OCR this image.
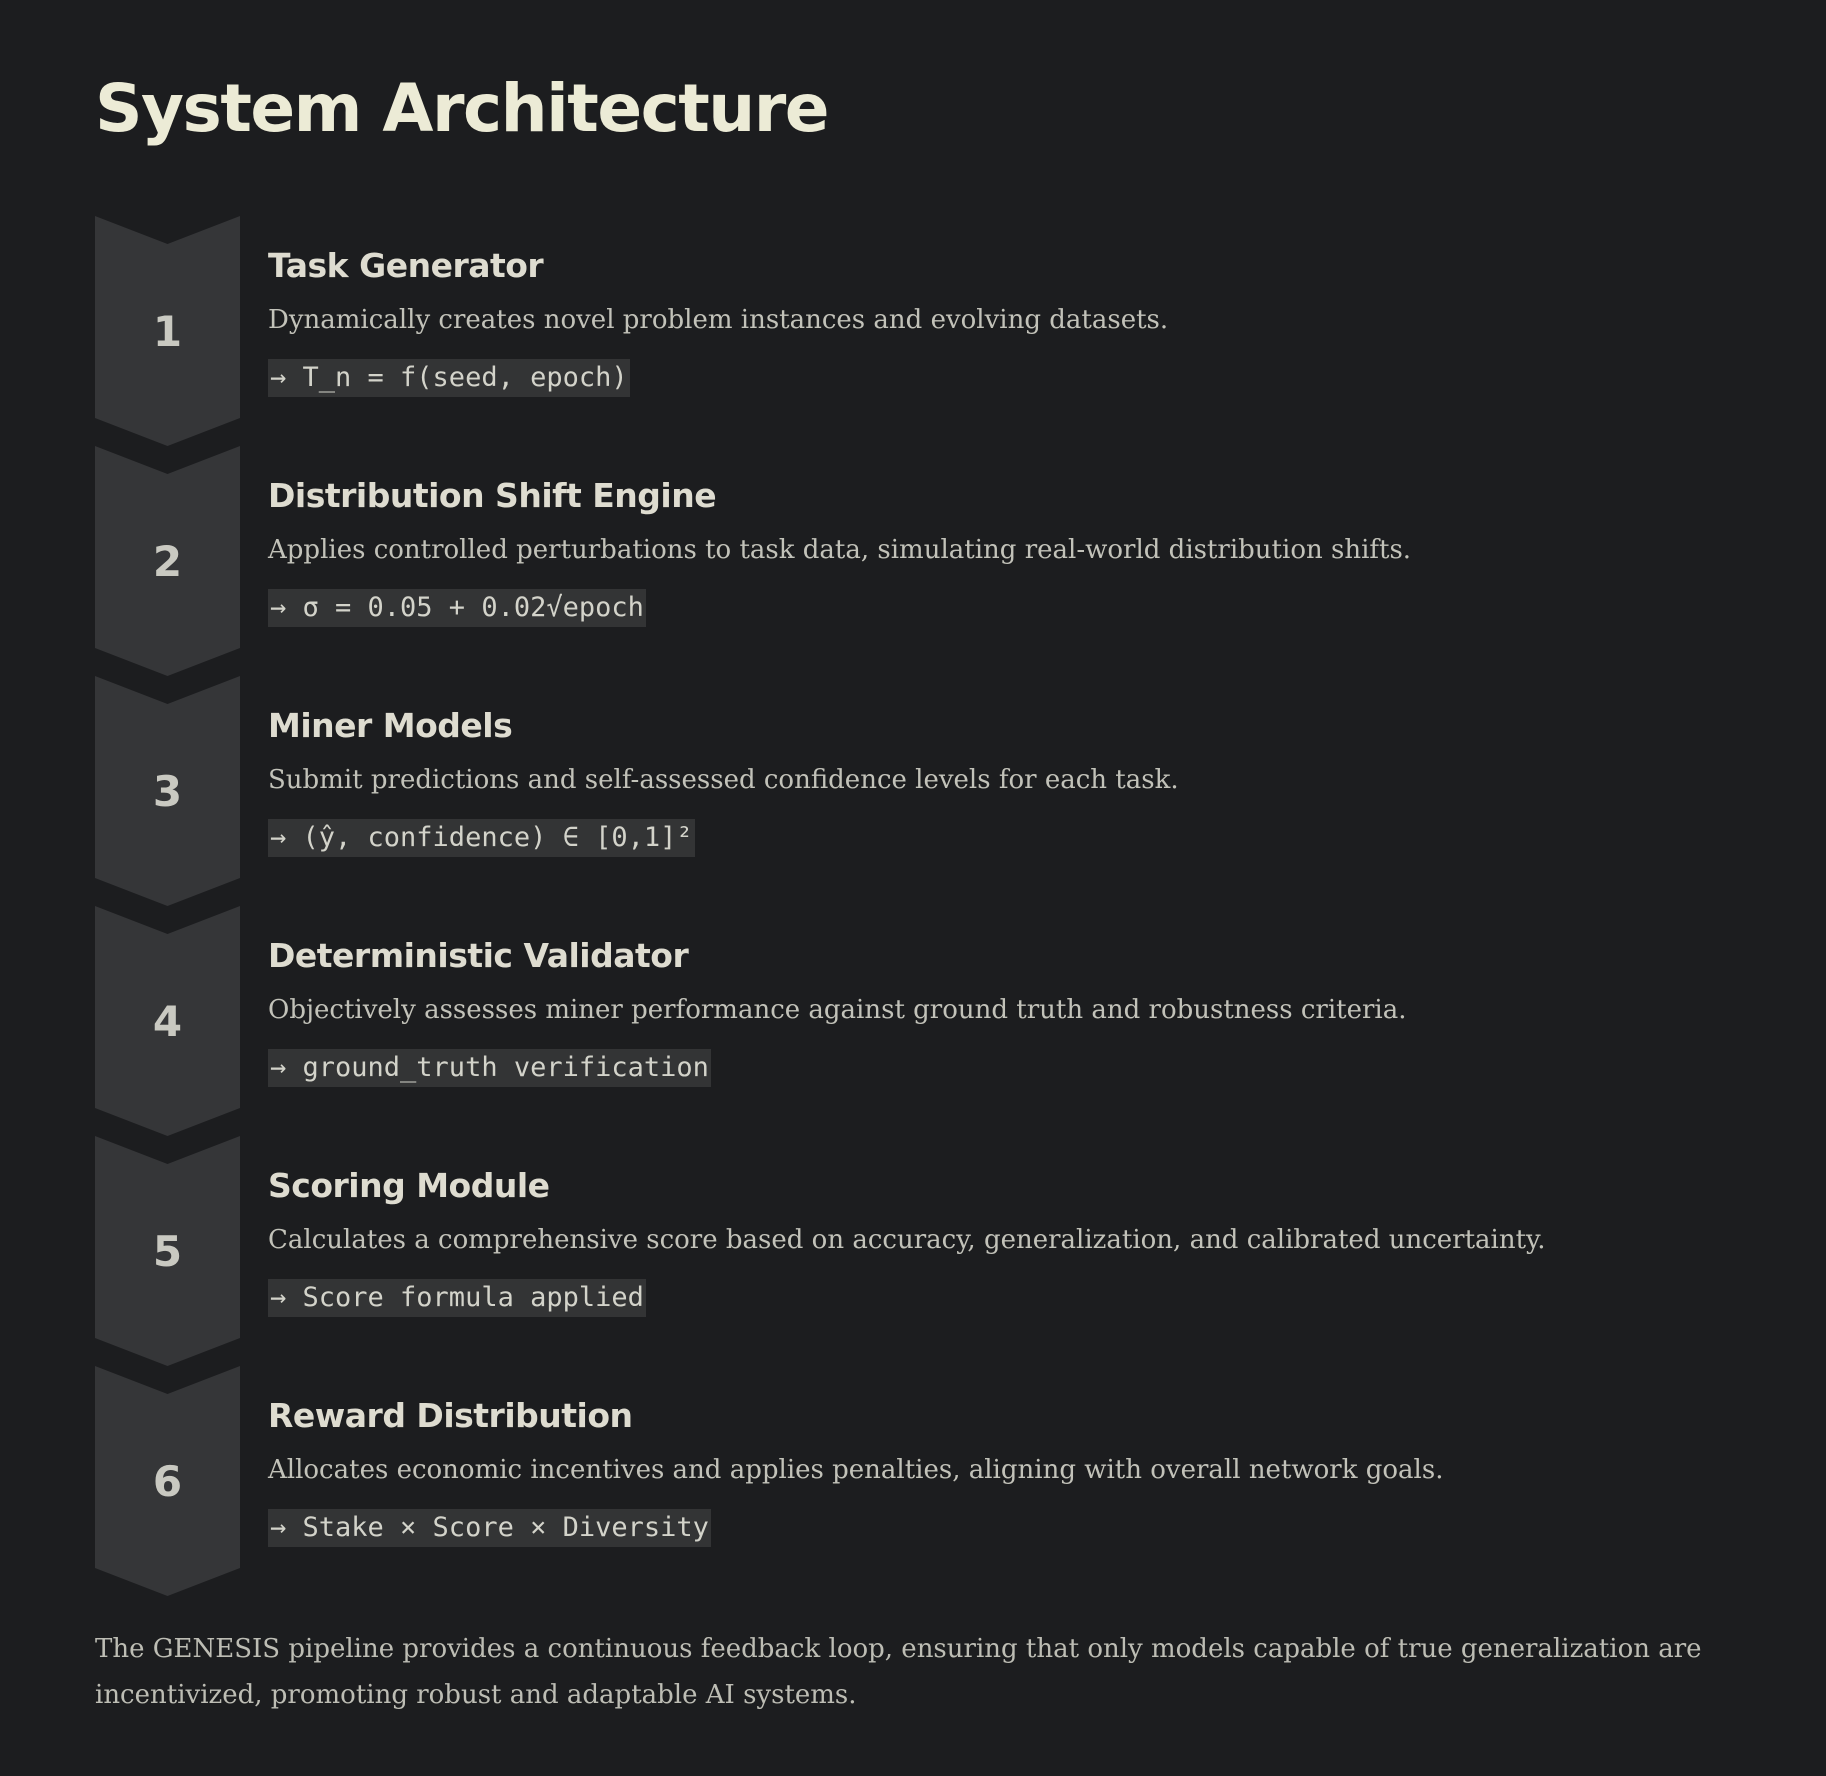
System Architecture
1
Task Generator

Dynamically creates novel problem instances and evolving datasets.

→ T_n = f(seed, epoch)
2
Distribution Shift Engine

Applies controlled perturbations to task data, simulating real-world distribution shifts.

→ σ = 0.05 + 0.02√epoch
3
Miner Models

Submit predictions and self-assessed confidence levels for each task.

→ (ŷ, confidence) ∈ [0,1]²
4
Deterministic Validator

Objectively assesses miner performance against ground truth and robustness criteria.

→ ground_truth verification
5
Scoring Module

Calculates a comprehensive score based on accuracy, generalization, and calibrated uncertainty.

→ Score formula applied
6
Reward Distribution

Allocates economic incentives and applies penalties, aligning with overall network goals.

→ Stake × Score × Diversity

The GENESIS pipeline provides a continuous feedback loop, ensuring that only models capable of true generalization are incentivized, promoting robust and adaptable AI systems.
